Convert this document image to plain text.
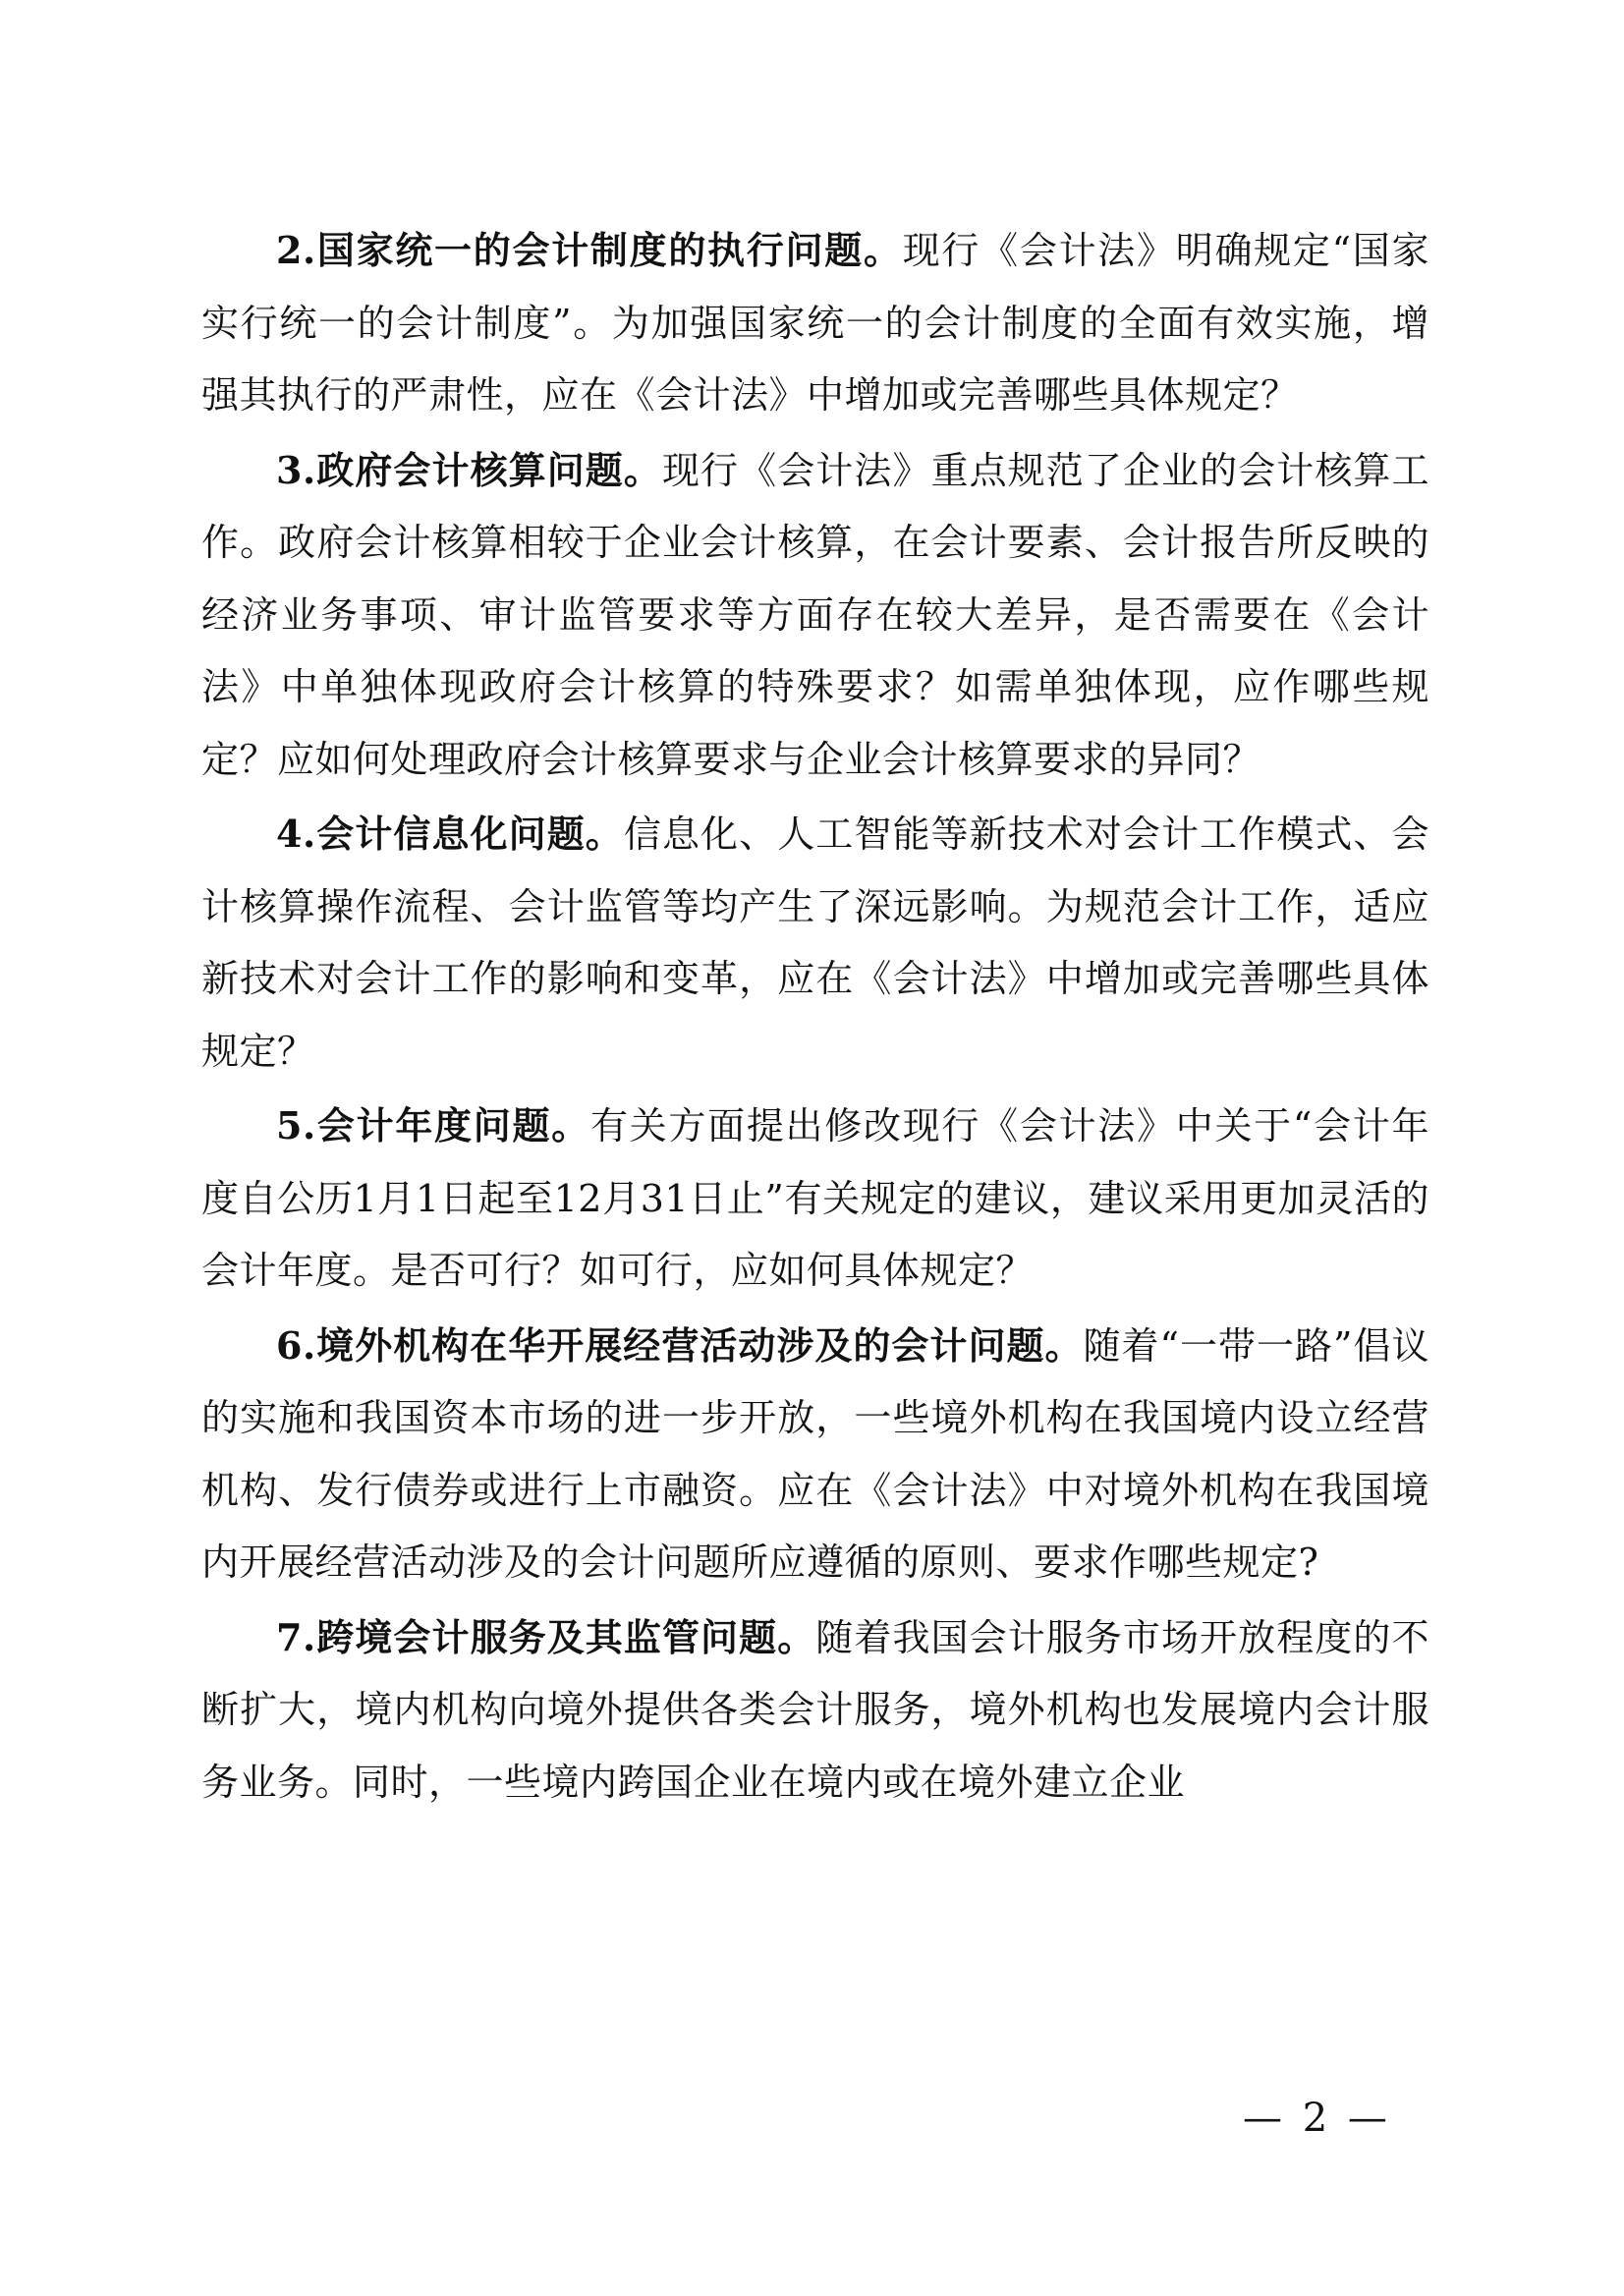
2.国家统一的会计制度的执行问题。现行《会计法》明确规定“国家实行统一的会计制度”。为加强国家统一的会计制度的全面有效实施，增强其执行的严肃性，应在《会计法》中增加或完善哪些具体规定？

3.政府会计核算问题。现行《会计法》重点规范了企业的会计核算工作。政府会计核算相较于企业会计核算，在会计要素、会计报告所反映的经济业务事项、审计监管要求等方面存在较大差异，是否需要在《会计法》中单独体现政府会计核算的特殊要求？如需单独体现，应作哪些规定？应如何处理政府会计核算要求与企业会计核算要求的异同？

4.会计信息化问题。信息化、人工智能等新技术对会计工作模式、会计核算操作流程、会计监管等均产生了深远影响。为规范会计工作，适应新技术对会计工作的影响和变革，应在《会计法》中增加或完善哪些具体规定？

5.会计年度问题。有关方面提出修改现行《会计法》中关于“会计年度自公历1月1日起至12月31日止”有关规定的建议，建议采用更加灵活的会计年度。是否可行？如可行，应如何具体规定？

6.境外机构在华开展经营活动涉及的会计问题。随着“一带一路”倡议的实施和我国资本市场的进一步开放，一些境外机构在我国境内设立经营机构、发行债券或进行上市融资。应在《会计法》中对境外机构在我国境内开展经营活动涉及的会计问题所应遵循的原则、要求作哪些规定?

7.跨境会计服务及其监管问题。随着我国会计服务市场开放程度的不断扩大，境内机构向境外提供各类会计服务，境外机构也发展境内会计服务业务。同时，一些境内跨国企业在境内或在境外建立企业

— 2 —
